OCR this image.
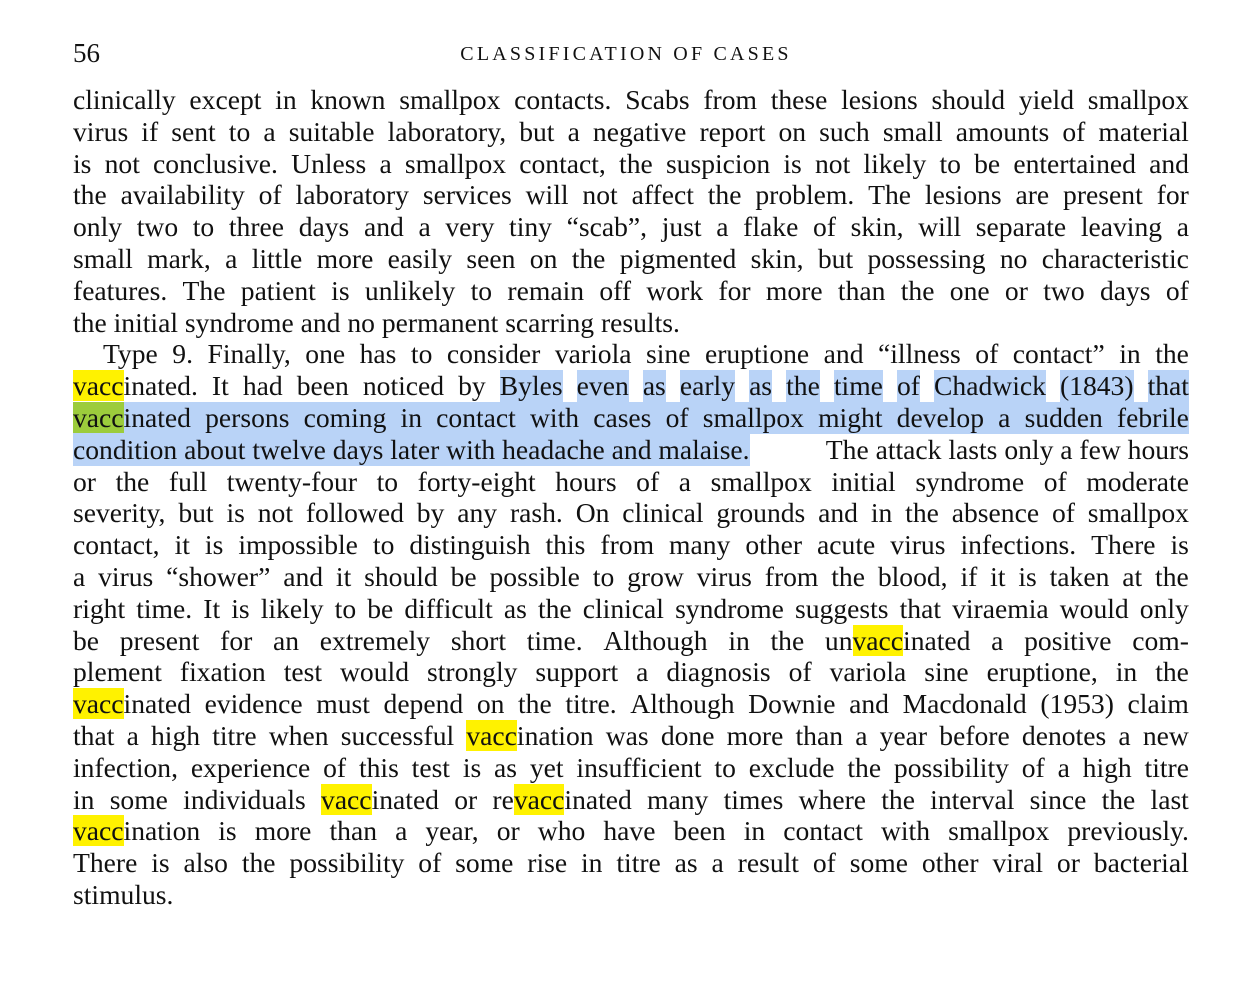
56	CLASSIFICATION OF CASES
clinically except in known smallpox contacts. Scabs from these lesions should yield smallpox
virus if sent to a suitable laboratory, but a negative report on such small amounts of material
is not conclusive. Unless a smallpox contact, the suspicion is not likely to be entertained and
the availability of laboratory services will not affect the problem. The lesions are present for
only two to three days and a very tiny “scab”, just a flake of skin, will separate leaving a
small mark, a little more easily seen on the pigmented skin, but possessing no characteristic
features. The patient is unlikely to remain off work for more than the one or two days of
the initial syndrome and no permanent scarring results.
Type 9. Finally, one has to consider variola sine eruptione and “illness of contact” in the
vaccinated. It had been noticed by Byles even as early as the time of Chadwick (1843) that
vaccinated persons coming in contact with cases of smallpox might develop a sudden febrile
condition about twelve days later with headache and malaise.	The attack lasts only a few hours
or the full twenty-four to forty-eight hours of a smallpox initial syndrome of moderate
severity, but is not followed by any rash. On clinical grounds and in the absence of smallpox
contact, it is impossible to distinguish this from many other acute virus infections. There is
a virus “shower” and it should be possible to grow virus from the blood, if it is taken at the
right time. It is likely to be difficult as the clinical syndrome suggests that viraemia would only
be present for an extremely short time. Although in the unvaccinated a positive com-
plement fixation test would strongly support a diagnosis of variola sine eruptione, in the
vaccinated evidence must depend on the titre. Although Downie and Macdonald (1953) claim
that a high titre when successful vaccination was done more than a year before denotes a new
infection, experience of this test is as yet insufficient to exclude the possibility of a high titre
in some individuals vaccinated or revaccinated many times where the interval since the last
vaccination is more than a year, or who have been in contact with smallpox previously.
There is also the possibility of some rise in titre as a result of some other viral or bacterial
stimulus.
